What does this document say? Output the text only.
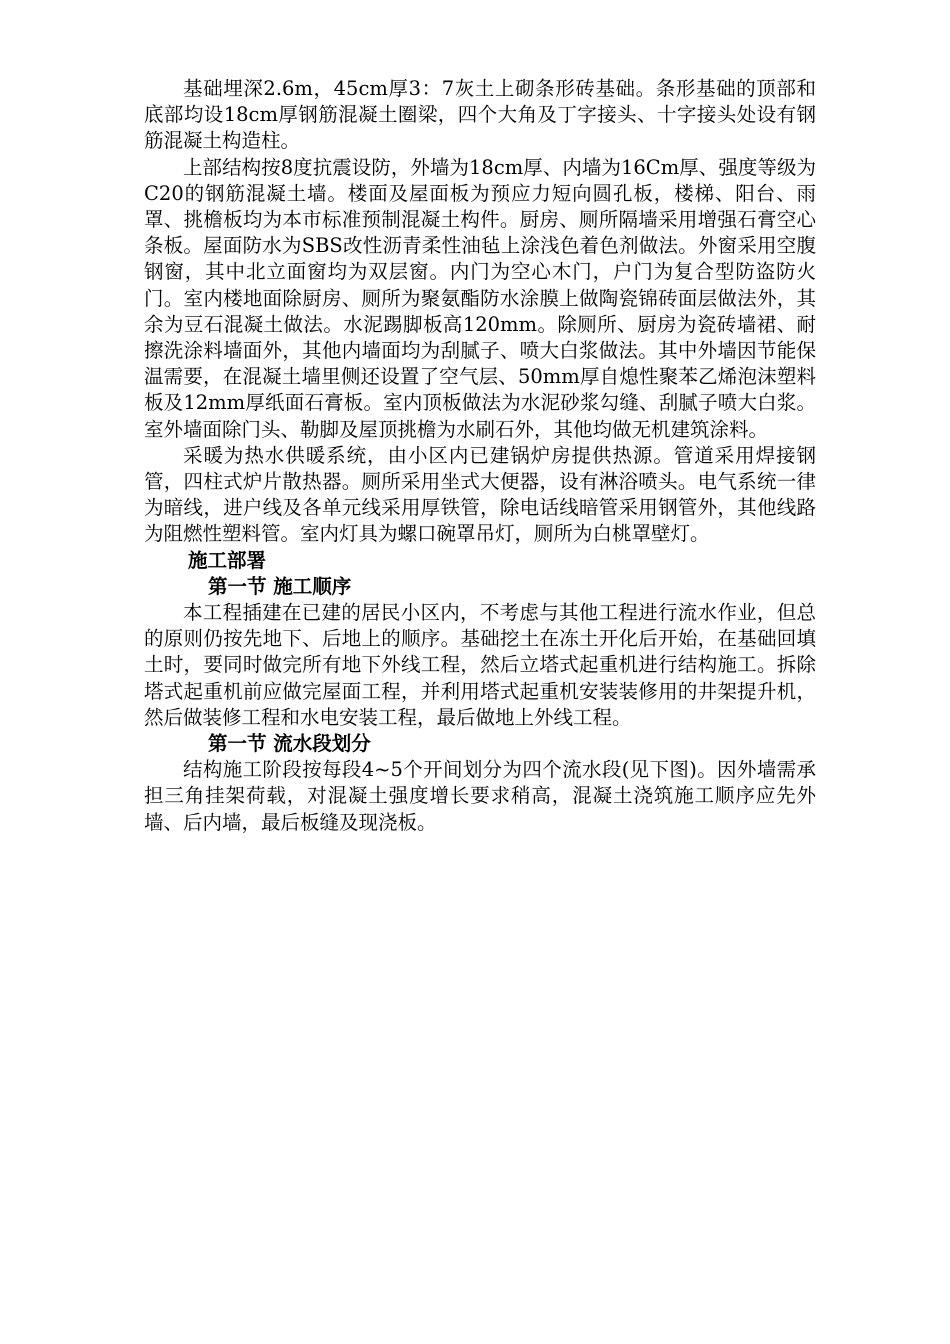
基础埋深2.6m，45cm厚3：7灰土上砌条形砖基础。条形基础的顶部和底部均设18cm厚钢筋混凝土圈梁，四个大角及丁字接头、十字接头处设有钢筋混凝土构造柱。

上部结构按8度抗震设防，外墙为18cm厚、内墙为16Cm厚、强度等级为C20的钢筋混凝土墙。楼面及屋面板为预应力短向圆孔板，楼梯、阳台、雨罩、挑檐板均为本市标准预制混凝土构件。厨房、厕所隔墙采用增强石膏空心条板。屋面防水为SBS改性沥青柔性油毡上涂浅色着色剂做法。外窗采用空腹钢窗，其中北立面窗均为双层窗。内门为空心木门，户门为复合型防盗防火门。室内楼地面除厨房、厕所为聚氨酯防水涂膜上做陶瓷锦砖面层做法外，其余为豆石混凝土做法。水泥踢脚板高120mm。除厕所、厨房为瓷砖墙裙、耐擦洗涂料墙面外，其他内墙面均为刮腻子、喷大白浆做法。其中外墙因节能保温需要，在混凝土墙里侧还设置了空气层、50mm厚自熄性聚苯乙烯泡沫塑料板及12mm厚纸面石膏板。室内顶板做法为水泥砂浆勾缝、刮腻子喷大白浆。室外墙面除门头、勒脚及屋顶挑檐为水刷石外，其他均做无机建筑涂料。

采暖为热水供暖系统，由小区内已建锅炉房提供热源。管道采用焊接钢管，四柱式炉片散热器。厕所采用坐式大便器，设有淋浴喷头。电气系统一律为暗线，进户线及各单元线采用厚铁管，除电话线暗管采用钢管外，其他线路为阻燃性塑料管。室内灯具为螺口碗罩吊灯，厕所为白桃罩壁灯。

施工部署
第一节 施工顺序

本工程插建在已建的居民小区内，不考虑与其他工程进行流水作业，但总的原则仍按先地下、后地上的顺序。基础挖土在冻土开化后开始，在基础回填土时，要同时做完所有地下外线工程，然后立塔式起重机进行结构施工。拆除塔式起重机前应做完屋面工程，并利用塔式起重机安装装修用的井架提升机，然后做装修工程和水电安装工程，最后做地上外线工程。

第一节 流水段划分

结构施工阶段按每段4~5个开间划分为四个流水段(见下图)。因外墙需承担三角挂架荷载，对混凝土强度增长要求稍高，混凝土浇筑施工顺序应先外墙、后内墙，最后板缝及现浇板。
